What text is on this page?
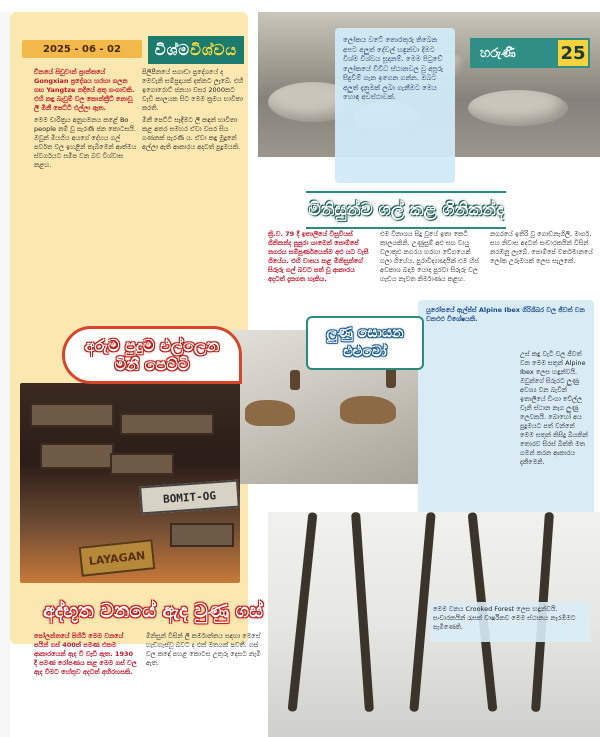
2025 - 06 - 02	විශ්ම විශ්වය
ලෝකය වටේ තොරතුරු තිබෙන අපට අලුත් දේවල් හඳුන්වා දීමට විශ්ම විශ්වය සූදානම්. මෙම පිටුවේ ලෝකයේ විවිධ ස්ථානවල වූ අපූරු සිදුවීම් ගැන ඉගෙන ගන්න. ඔබට අලුත් දැනුමක් ලබා ගැනීමට මෙය හොඳ අවස්ථාවක්.
හරුණී 25
මිනිසුන්ව ගල් කළ ගිනිකන්ද
ක්‍රි.ව. 79 දී ඉතාලියේ විසුවියස් ගිනිකන්ද පුපුරා යාමෙන් පොම්පේ නගරය සම්පූර්ණයෙන්ම අළු යට වැසී ගියේය. එහි වාසය කළ මිනිසුන්ගේ සිරුරු ගල් බවට පත් වූ ආකාරය අදටත් දැකගත හැකිය.
එම විනාශය සිදු වූයේ ඉතා කෙටි කාලයකිනි. උණුසුම් අළු සහ වායු වලාකුළු නගරය හරහා වේගයෙන් ගලා ගියේය. පුරාවිද්‍යාඥයින් එම හිස් අවකාශ බදාම යොදා පුරවා සිරුරු වල හැඩය නැවත නිර්මාණය කළහ.
නගරයේ ඉතිරි වූ ගොඩනැගිලි, මාර්ග, සහ නිවාස අදටත් සංචාරකයින් විසින් නරඹනු ලැබේ. පොම්පේ වර්තමානයේ ලෝක උරුමයක් ලෙස සැලකේ.
චීනයේ සිචුවාන් ප්‍රාන්තයේ Gongxian ප්‍රදේශය හරහා ගලන ගඟ Yangtze නදියේ අතු ගංගාවකි. එහි කඳු බෑවුම් වල කොන්ක්‍රීට් නොවූ ලී මිනී පෙට්ටි එල්ලා ඇත.
මෙම චාරිත්‍රය අනුගමනය කළේ Bo people නම් වූ පැරණි ජන කොටසයි. ඔවුන් මියගිය අයගේ දේහය ගල් පර්වත වල ඉහළින් තැබීමෙන් ආත්මය ස්වර්ගයට සමීප වන බව විශ්වාස කළහ.
පිලිපීනයේ සගාඩා ප්‍රදේශයේ ද මෙවැනි සම්ප්‍රදායක් දක්නට ලැබේ. එහි ඉගොරොට් ජනයා වසර 2000කට වැඩි කාලයක සිට මෙම ක්‍රමය භාවිතා කරති.
මිනී පෙට්ටි සෑදීමට ලී කඳන් භාවිතා කළ අතර සමහර ඒවා වසර සිය ගණනක් පැරණි ය. ඒවා කඳු මුදුනේ අල්ලා ඇති ආකාරය අදටත් පුදුමයකි.
යුරෝපයේ ඇල්ප්ස් Alpine Ibex ගිරිශිඛර වල ජීවත් වන වනඑළු විශේෂයකි.
උස් කඳු වැටි වල ජීවත් වන මෙම සතුන් Alpine Ibex ලෙස හඳුන්වයි. ඔවුන්ගේ සිරුරට ලුණු අවශ්‍ය වන බැවින් ඉතාලියේ ඩිංගා වේල්ල වැනි ස්ථාන නැග ලුණු ලෙවකයි. බොහෝ අය පුදුමයට පත් වන්නේ මෙම සතුන් කිසිදු බියකින් තොරව සිරස් බිත්ති මත ගමන් කරන ආකාරය දැකීමෙනි.
ලුණු සොයන
එළුවෝ
BOMIT-OG
LAYAGAN
අරුම පුදුම එල්ලෙන
මිනී පෙට්ටි
අද්භූත වනයේ ඇද වුණු ගස්
පෝලන්තයේ පිහිටි මෙම වනයේ පයින් ගස් 400ක් පමණ එකම ආකාරයෙන් ඇද වී වැඩී ඇත. 1930 දී පමණ රෝපණය කළ මෙම ගස් වල ඇද වීමට හේතුව අදටත් අභිරහසකි.
මිනිසුන් විසින් ලී කර්මාන්තය සඳහා මෙසේ හැඩගැස්වූ බවට ද එක් මතයක් පවතී. ගස් වල කඳේ පහළ කොටස උතුරු දෙසට නැමී ඇත.
මෙම වනය Crooked Forest ලෙස හඳුන්වයි. සංචාරකයින් රැසක් වාර්ෂිකව මෙම ස්ථානය නැරඹීමට පැමිණෙති.
